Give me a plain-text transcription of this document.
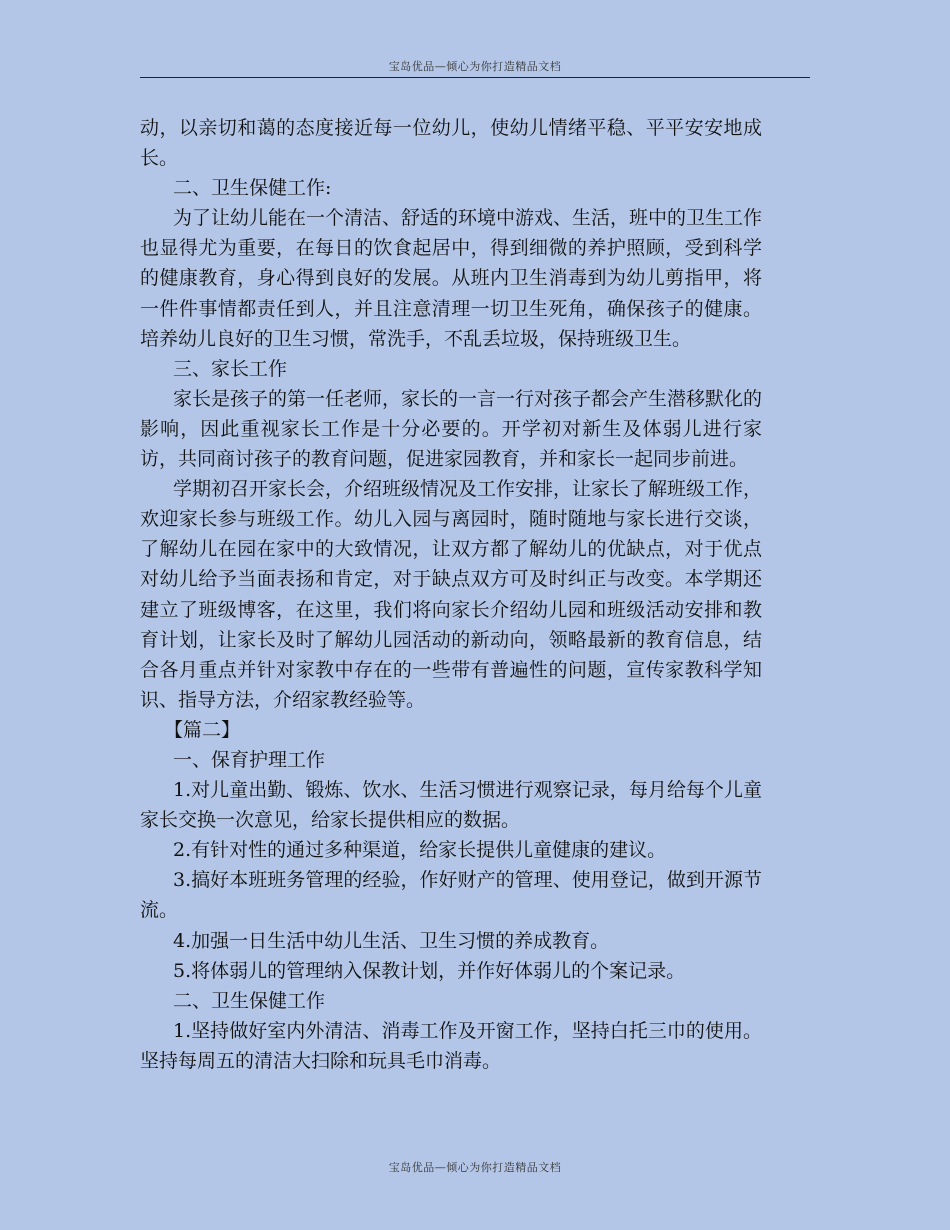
宝岛优品—倾心为你打造精品文档

动，以亲切和蔼的态度接近每一位幼儿，使幼儿情绪平稳、平平安安地成长。

二、卫生保健工作:

为了让幼儿能在一个清洁、舒适的环境中游戏、生活，班中的卫生工作也显得尤为重要，在每日的饮食起居中，得到细微的养护照顾，受到科学的健康教育，身心得到良好的发展。从班内卫生消毒到为幼儿剪指甲，将一件件事情都责任到人，并且注意清理一切卫生死角，确保孩子的健康。培养幼儿良好的卫生习惯，常洗手，不乱丢垃圾，保持班级卫生。

三、家长工作

家长是孩子的第一任老师，家长的一言一行对孩子都会产生潜移默化的影响，因此重视家长工作是十分必要的。开学初对新生及体弱儿进行家访，共同商讨孩子的教育问题，促进家园教育，并和家长一起同步前进。

学期初召开家长会，介绍班级情况及工作安排，让家长了解班级工作，欢迎家长参与班级工作。幼儿入园与离园时，随时随地与家长进行交谈，了解幼儿在园在家中的大致情况，让双方都了解幼儿的优缺点，对于优点对幼儿给予当面表扬和肯定，对于缺点双方可及时纠正与改变。本学期还建立了班级博客，在这里，我们将向家长介绍幼儿园和班级活动安排和教育计划，让家长及时了解幼儿园活动的新动向，领略最新的教育信息，结合各月重点并针对家教中存在的一些带有普遍性的问题，宣传家教科学知识、指导方法，介绍家教经验等。

【篇二】

一、保育护理工作

1.对儿童出勤、锻炼、饮水、生活习惯进行观察记录，每月给每个儿童家长交换一次意见，给家长提供相应的数据。

2.有针对性的通过多种渠道，给家长提供儿童健康的建议。

3.搞好本班班务管理的经验，作好财产的管理、使用登记，做到开源节流。

4.加强一日生活中幼儿生活、卫生习惯的养成教育。

5.将体弱儿的管理纳入保教计划，并作好体弱儿的个案记录。

二、卫生保健工作

1.坚持做好室内外清洁、消毒工作及开窗工作，坚持白托三巾的使用。坚持每周五的清洁大扫除和玩具毛巾消毒。

宝岛优品—倾心为你打造精品文档
